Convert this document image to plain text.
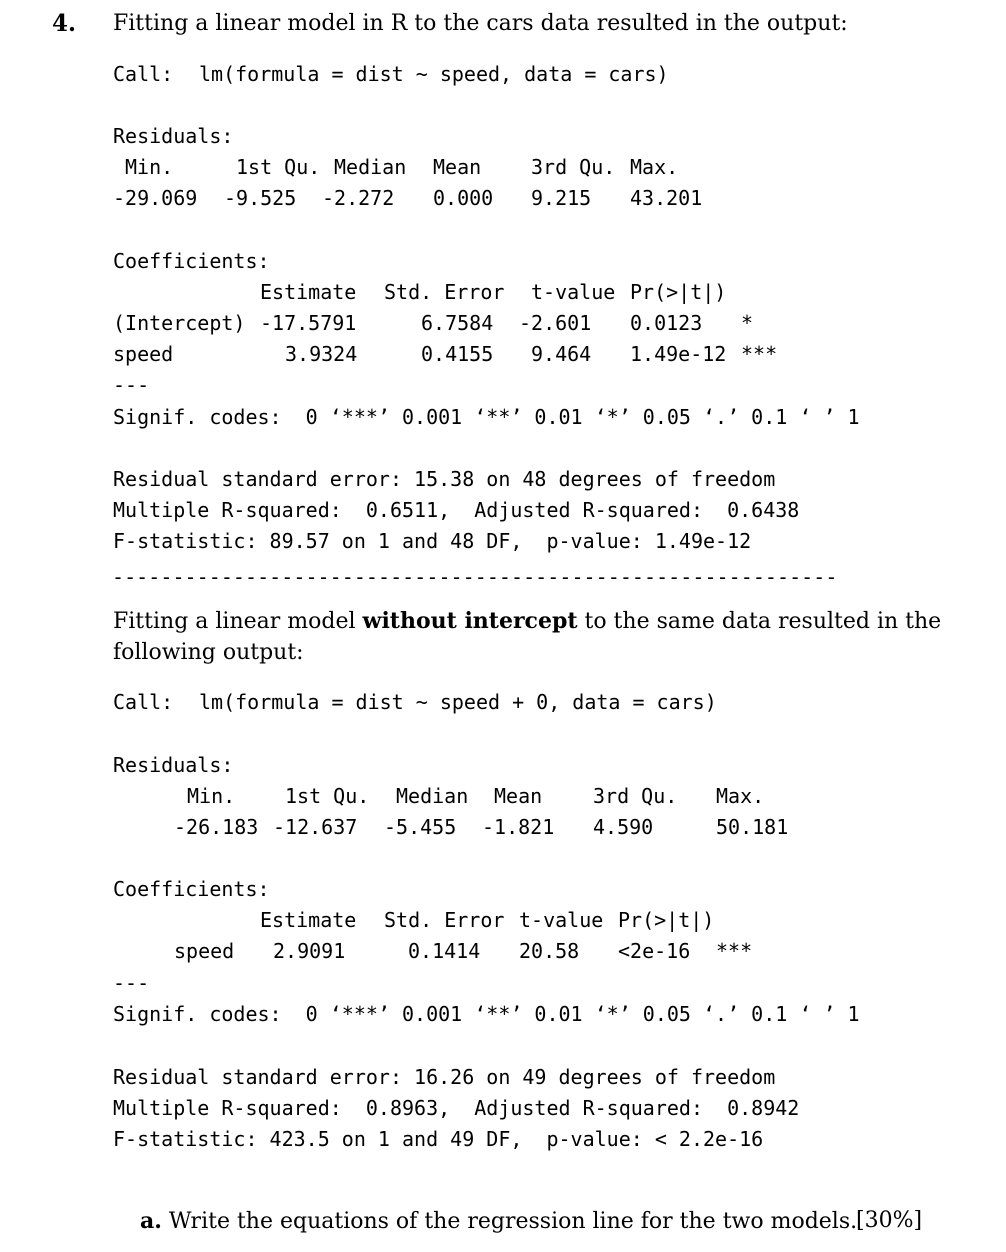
4. Fitting a linear model in R to the cars data resulted in the output:
Call: lm(formula = dist ~ speed, data = cars)
Residuals:
Min.	1st Qu. Median Mean 3rd Qu. Max.
-29.069 -9.525 -2.272 0.000 9.215 43.201
Coefficients:
Estimate Std. Error t-value Pr(>|t|)
(Intercept) -17.5791	6.7584 -2.601 0.0123 *
speed	3.9324	0.4155 9.464 1.49e-12 ***
---
Signif. codes:  0 ‘***’ 0.001 ‘**’ 0.01 ‘*’ 0.05 ‘.’ 0.1 ‘ ’ 1
Residual standard error: 15.38 on 48 degrees of freedom
Multiple R-squared:  0.6511,  Adjusted R-squared:  0.6438
F-statistic: 89.57 on 1 and 48 DF,  p-value: 1.49e-12
------------------------------------------------------------
Fitting a linear model without intercept to the same data resulted in the
following output:
Call: lm(formula = dist ~ speed + 0, data = cars)
Residuals:
Min. 1st Qu. Median Mean	3rd Qu. Max.
-26.183 -12.637 -5.455 -1.821 4.590	50.181
Coefficients:
Estimate Std. Error t-value Pr(>|t|)
speed 2.9091	0.1414 20.58 <2e-16 ***
---
Signif. codes:  0 ‘***’ 0.001 ‘**’ 0.01 ‘*’ 0.05 ‘.’ 0.1 ‘ ’ 1
Residual standard error: 16.26 on 49 degrees of freedom
Multiple R-squared:  0.8963,  Adjusted R-squared:  0.8942
F-statistic: 423.5 on 1 and 49 DF,  p-value: < 2.2e-16
a. Write the equations of the regression line for the two models.
[30%]
